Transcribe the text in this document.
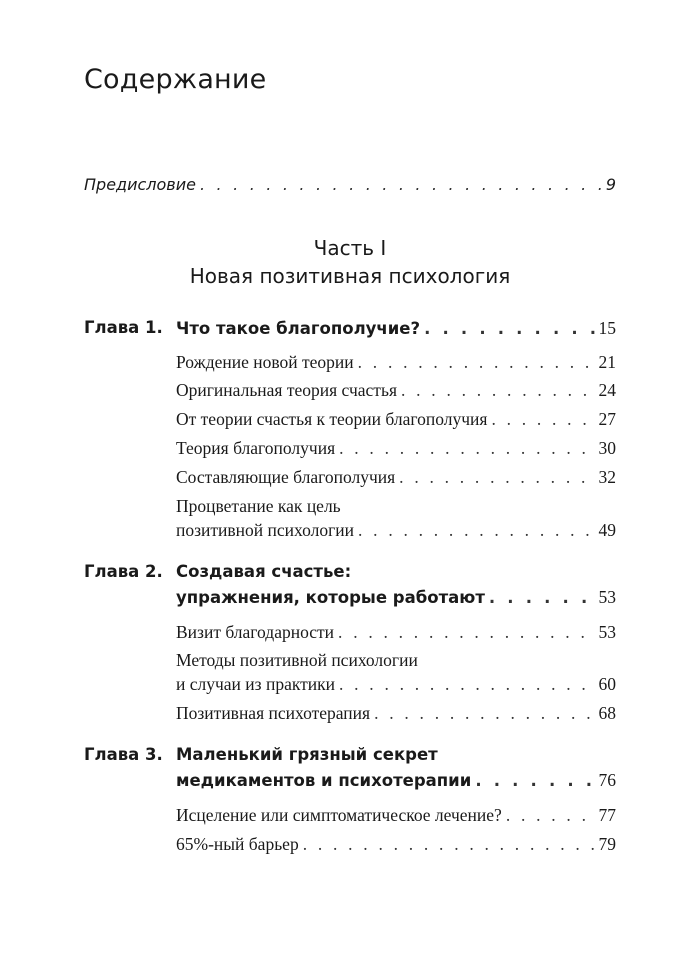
Содержание
Предисловие . . .	9
Часть I
Новая позитивная психология
Глава 1. Что такое благополучие? . . .	15
Рождение новой теории . . .	21
Оригинальная теория счастья . . .	24
От теории счастья к теории благополучия . . .	27
Теория благополучия . . .	30
Составляющие благополучия . . .	32
Процветание как цель
позитивной психологии . . .	49
Глава 2. Создавая счастье:
упражнения, которые работают . . .	53
Визит благодарности . . .	53
Методы позитивной психологии
и случаи из практики . . .	60
Позитивная психотерапия . . .	68
Глава 3. Маленький грязный секрет
медикаментов и психотерапии . . .	76
Исцеление или симптоматическое лечение? . . .	77
65%-ный барьер . . .	79
